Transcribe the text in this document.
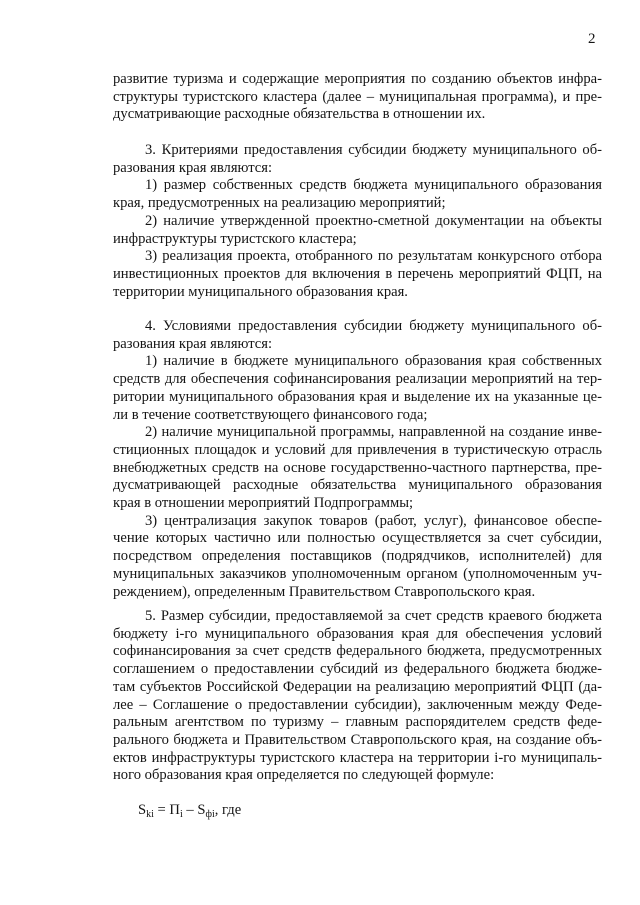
2
развитие туризма и содержащие мероприятия по созданию объектов инфра-
структуры туристского кластера (далее – муниципальная программа), и пре-
дусматривающие расходные обязательства в отношении их.
3. Критериями предоставления субсидии бюджету муниципального об-
разования края являются:
1) размер собственных средств бюджета муниципального образования
края, предусмотренных на реализацию мероприятий;
2) наличие утвержденной проектно-сметной документации на объекты
инфраструктуры туристского кластера;
3) реализация проекта, отобранного по результатам конкурсного отбора
инвестиционных проектов для включения в перечень мероприятий ФЦП, на
территории муниципального образования края.
4. Условиями предоставления субсидии бюджету муниципального об-
разования края являются:
1) наличие в бюджете муниципального образования края собственных
средств для обеспечения софинансирования реализации мероприятий на тер-
ритории муниципального образования края и выделение их на указанные це-
ли в течение соответствующего финансового года;
2) наличие муниципальной программы, направленной на создание инве-
стиционных площадок и условий для привлечения в туристическую отрасль
внебюджетных средств на основе государственно-частного партнерства, пре-
дусматривающей расходные обязательства муниципального образования
края в отношении мероприятий Подпрограммы;
3) централизация закупок товаров (работ, услуг), финансовое обеспе-
чение которых частично или полностью осуществляется за счет субсидии,
посредством определения поставщиков (подрядчиков, исполнителей) для
муниципальных заказчиков уполномоченным органом (уполномоченным уч-
реждением), определенным Правительством Ставропольского края.
5. Размер субсидии, предоставляемой за счет средств краевого бюджета
бюджету i-го муниципального образования края для обеспечения условий
софинансирования за счет средств федерального бюджета, предусмотренных
соглашением о предоставлении субсидий из федерального бюджета бюдже-
там субъектов Российской Федерации на реализацию мероприятий ФЦП (да-
лее – Соглашение о предоставлении субсидии), заключенным между Феде-
ральным агентством по туризму – главным распорядителем средств феде-
рального бюджета и Правительством Ставропольского края, на создание объ-
ектов инфраструктуры туристского кластера на территории i-го муниципаль-
ного образования края определяется по следующей формуле:
$S_{ki} = П_i - S_{фi}$, где
